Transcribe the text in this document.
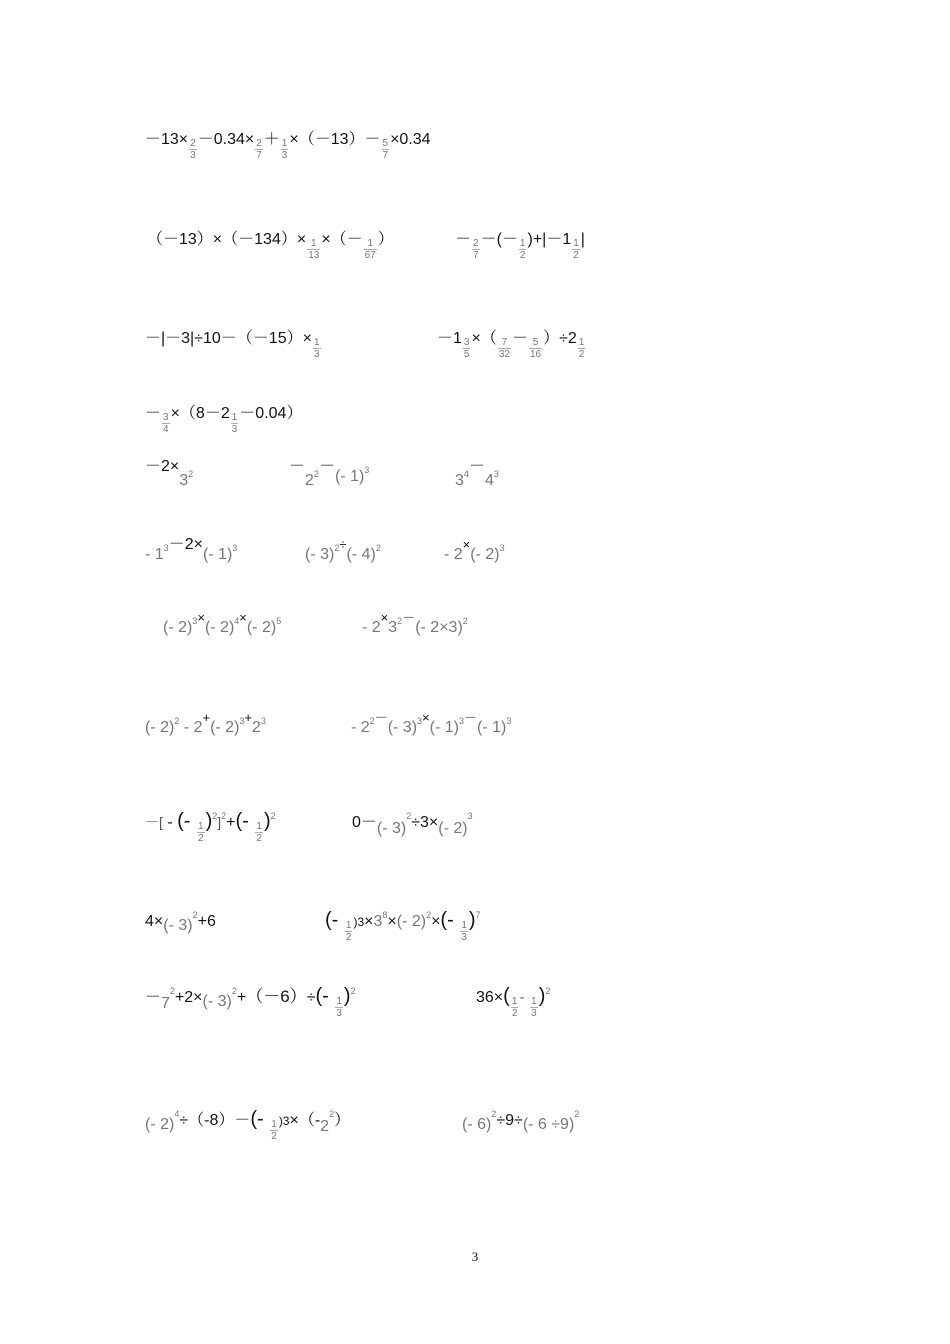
$-13\times \frac{2}{3} -0.34\times \frac{2}{7} + \frac{1}{3} \times(-13)- \frac{5}{7} \times 0.34$
$(-13)\times(-134)\times \frac{1}{13}$ ×（－ $\frac{1}{67}$ ）	－ $\frac{2}{7}$ －(－ $\frac{1}{2} )+|-1 \frac{1}{2}$ |
$-|-3|\div 10-(-15)\times \frac{1}{3}$	$-1 \frac{3}{5}$ ×（ $\frac{7}{32} - \frac{5}{16} )\div 2 \frac{1}{2}$
－ $\frac{3}{4} \times(8-2 \frac{1}{3} -0.04)$
$-2\times 3_2$	$-2_2-(-$ 1)3
$3_4-4_3$
- $1^3-2\times(-$ 1)$^3$	(- 3)$^{2\div}$(- 4)$^2$	- 2×(- 2)$^3$
(- 2)$^{3\times}$(- 2)$^{4\times}$(- 2)$^5$	- $2^\times 3^{2-}(-$ 2×3)$^2$
(- 2)$^2$ - 2+(- $2)^{3+}2^3$	- $2^{2-}(-$ 3)$^{3\times}$(- 1)$^{3-}$(- 1)$^3$
－[ - (- $\frac{1}{2} )^2]^2+(- \frac{1}{2} )^2$	0－(- 3)$^2$÷3×(- 2)$^3$
4×(- 3)$^2$+6	(- $\frac{1}{2} )3\times 3^8\times(-$ $2)^2\times(- \frac{1}{3} )^7$
$-7^2+2\times(-$ $3)^2+(-6)\div(- \frac{1}{3} )^2$	$36\times( \frac{1}{2} - \frac{1}{3} )^2$
(- $2)^4\div(-8)-(- \frac{1}{2} )3\times(-2^2)$	(- 6)$^2$÷9÷(- 6 ÷9)$^2$
3
